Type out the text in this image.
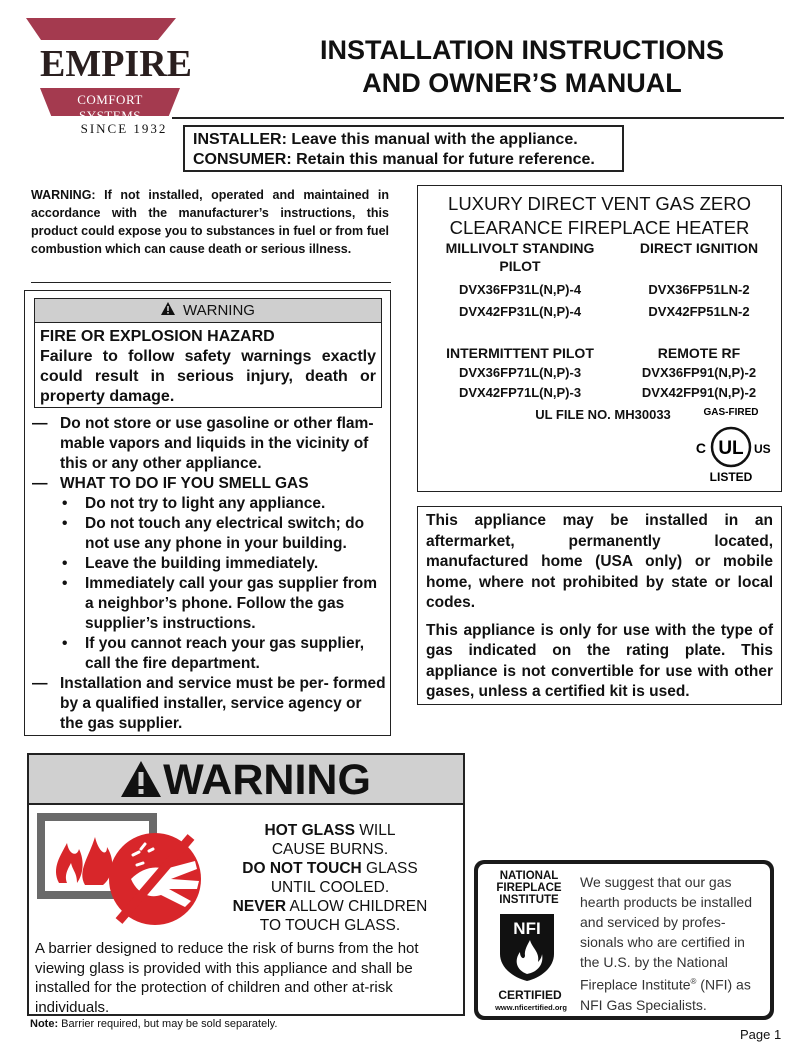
EMPIRE
COMFORT SYSTEMS
SINCE 1932
INSTALLATION INSTRUCTIONS
AND OWNER’S MANUAL
INSTALLER: Leave this manual with the appliance.
CONSUMER: Retain this manual for future reference.
WARNING: If not installed, operated and maintained in accordance with the manufacturer’s instructions, this product could expose you to substances in fuel or from fuel combustion which can cause death or serious illness.
WARNING
FIRE OR EXPLOSION HAZARD
Failure to follow safety warnings exactly could result in serious injury, death or property damage.
— Do not store or use gasoline or other flam- mable vapors and liquids in the vicinity of this or any other appliance.
— WHAT TO DO IF YOU SMELL GAS
• Do not try to light any appliance.
• Do not touch any electrical switch; do not use any phone in your building.
• Leave the building immediately.
• Immediately call your gas supplier from a neighbor’s phone. Follow the gas supplier’s instructions.
• If you cannot reach your gas supplier, call the fire department.
— Installation and service must be per- formed by a qualified installer, service agency or the gas supplier.
LUXURY DIRECT VENT GAS ZERO
CLEARANCE FIREPLACE HEATER
MILLIVOLT STANDING
PILOT
DVX36FP31L(N,P)-4
DVX42FP31L(N,P)-4
DIRECT IGNITION
DVX36FP51LN-2
DVX42FP51LN-2
INTERMITTENT PILOT
DVX36FP71L(N,P)-3
DVX42FP71L(N,P)-3
REMOTE RF
DVX36FP91(N,P)-2
DVX42FP91(N,P)-2
UL FILE NO. MH30033	GAS-FIRED
UL
C	US
LISTED

This appliance may be installed in an aftermarket, permanently located, manufactured home (USA only) or mobile home, where not prohibited by state or local codes.

This appliance is only for use with the type of gas indicated on the rating plate. This appliance is not convertible for use with other gases, unless a certified kit is used.

WARNING
HOT GLASS WILL
CAUSE BURNS.
DO NOT TOUCH GLASS
UNTIL COOLED.
NEVER ALLOW CHILDREN
TO TOUCH GLASS.
A barrier designed to reduce the risk of burns from the hot viewing glass is provided with this appliance and shall be installed for the protection of children and other at-risk individuals.
Note: Barrier required, but may be sold separately.
NATIONAL
FIREPLACE
INSTITUTE
NFI
CERTIFIED
www.nficertified.org
We suggest that our gas hearth products be installed and serviced by profes- sionals who are certified in the U.S. by the National Fireplace Institute® (NFI) as NFI Gas Specialists.
Page 1
